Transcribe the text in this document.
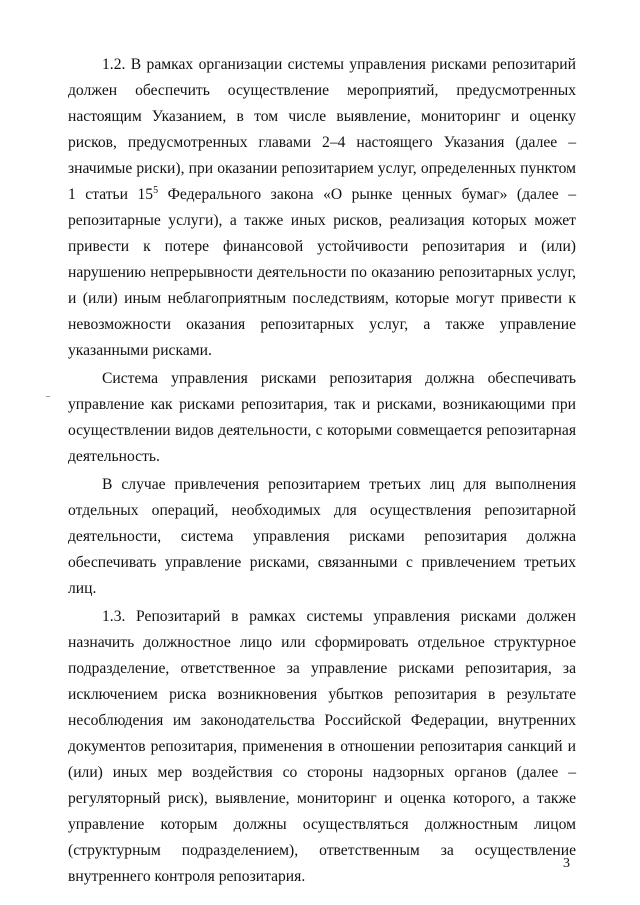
1.2. В рамках организации системы управления рисками репозитарий должен обеспечить осуществление мероприятий, предусмотренных настоящим Указанием, в том числе выявление, мониторинг и оценку рисков, предусмотренных главами 2–4 настоящего Указания (далее – значимые риски), при оказании репозитарием услуг, определенных пунктом 1 статьи $15^5$ Федерального закона «О рынке ценных бумаг» (далее – репозитарные услуги), а также иных рисков, реализация которых может привести к потере финансовой устойчивости репозитария и (или) нарушению непрерывности деятельности по оказанию репозитарных услуг, и (или) иным неблагоприятным последствиям, которые могут привести к невозможности оказания репозитарных услуг, а также управление указанными рисками.

Система управления рисками репозитария должна обеспечивать управление как рисками репозитария, так и рисками, возникающими при осуществлении видов деятельности, с которыми совмещается репозитарная деятельность.

В случае привлечения репозитарием третьих лиц для выполнения отдельных операций, необходимых для осуществления репозитарной деятельности, система управления рисками репозитария должна обеспечивать управление рисками, связанными с привлечением третьих лиц.

1.3. Репозитарий в рамках системы управления рисками должен назначить должностное лицо или сформировать отдельное структурное подразделение, ответственное за управление рисками репозитария, за исключением риска возникновения убытков репозитария в результате несоблюдения им законодательства Российской Федерации, внутренних документов репозитария, применения в отношении репозитария санкций и (или) иных мер воздействия со стороны надзорных органов (далее – регуляторный риск), выявление, мониторинг и оценка которого, а также управление которым должны осуществляться должностным лицом (структурным подразделением), ответственным за осуществление внутреннего контроля репозитария.

3
